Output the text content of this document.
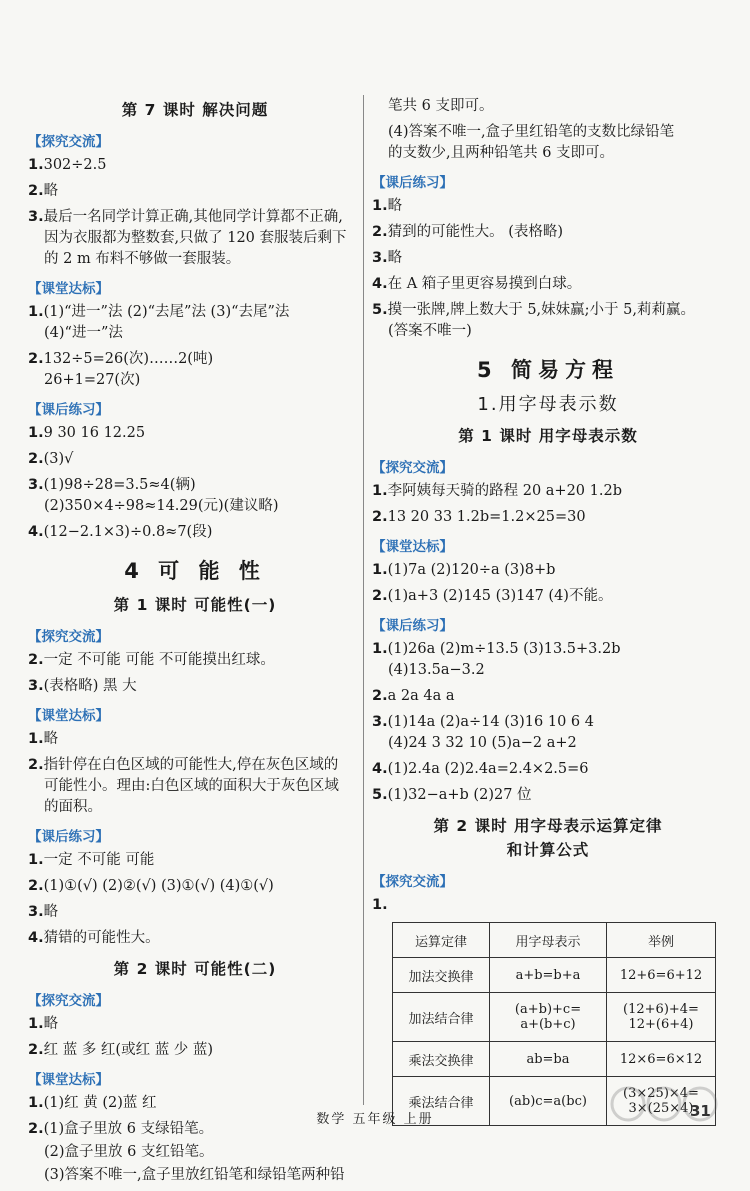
第 7 课时 解决问题
【探究交流】
1.302÷2.5
2.略
3.最后一名同学计算正确,其他同学计算都不正确,
因为衣服都为整数套,只做了 120 套服装后剩下
的 2 m 布料不够做一套服装。
【课堂达标】
1.(1)“进一”法 (2)“去尾”法 (3)“去尾”法
(4)“进一”法
2.132÷5=26(次)……2(吨)
26+1=27(次)
【课后练习】
1.9 30 16 12.25
2.(3)√
3.(1)98÷28=3.5≈4(辆)
(2)350×4÷98≈14.29(元)(建议略)
4.(12−2.1×3)÷0.8≈7(段)
4 可 能 性
第 1 课时 可能性(一)
【探究交流】
2.一定 不可能 可能 不可能摸出红球。
3.(表格略) 黑 大
【课堂达标】
1.略
2.指针停在白色区域的可能性大,停在灰色区域的
可能性小。理由:白色区域的面积大于灰色区域
的面积。
【课后练习】
1.一定 不可能 可能
2.(1)①(√) (2)②(√) (3)①(√) (4)①(√)
3.略
4.猜错的可能性大。
第 2 课时 可能性(二)
【探究交流】
1.略
2.红 蓝 多 红(或红 蓝 少 蓝)
【课堂达标】
1.(1)红 黄 (2)蓝 红
2.(1)盒子里放 6 支绿铅笔。
(2)盒子里放 6 支红铅笔。
(3)答案不唯一,盒子里放红铅笔和绿铅笔两种铅
笔共 6 支即可。
(4)答案不唯一,盒子里红铅笔的支数比绿铅笔
的支数少,且两种铅笔共 6 支即可。
【课后练习】
1.略
2.猜到的可能性大。 (表格略)
3.略
4.在 A 箱子里更容易摸到白球。
5.摸一张牌,牌上数大于 5,妹妹赢;小于 5,莉莉赢。
(答案不唯一)
5 简易方程
1.用字母表示数
第 1 课时 用字母表示数
【探究交流】
1.李阿姨每天骑的路程 20 a+20 1.2b
2.13 20 33 1.2b=1.2×25=30
【课堂达标】
1.(1)7a (2)120÷a (3)8+b
2.(1)a+3 (2)145 (3)147 (4)不能。
【课后练习】
1.(1)26a (2)m÷13.5 (3)13.5+3.2b
(4)13.5a−3.2
2.a 2a 4a a
3.(1)14a (2)a÷14 (3)16 10 6 4
(4)24 3 32 10 (5)a−2 a+2
4.(1)2.4a (2)2.4a=2.4×2.5=6
5.(1)32−a+b (2)27 位
第 2 课时 用字母表示运算定律
和计算公式
【探究交流】
1.
运算定律	用字母表示	举例
加法交换律	a+b=b+a	12+6=6+12
加法结合律	(a+b)+c=
a+(b+c)	(12+6)+4=
12+(6+4)
乘法交换律	ab=ba	12×6=6×12
乘法结合律	(ab)c=a(bc)	(3×25)×4=
3×(25×4)
数学 五年级 上册	31
